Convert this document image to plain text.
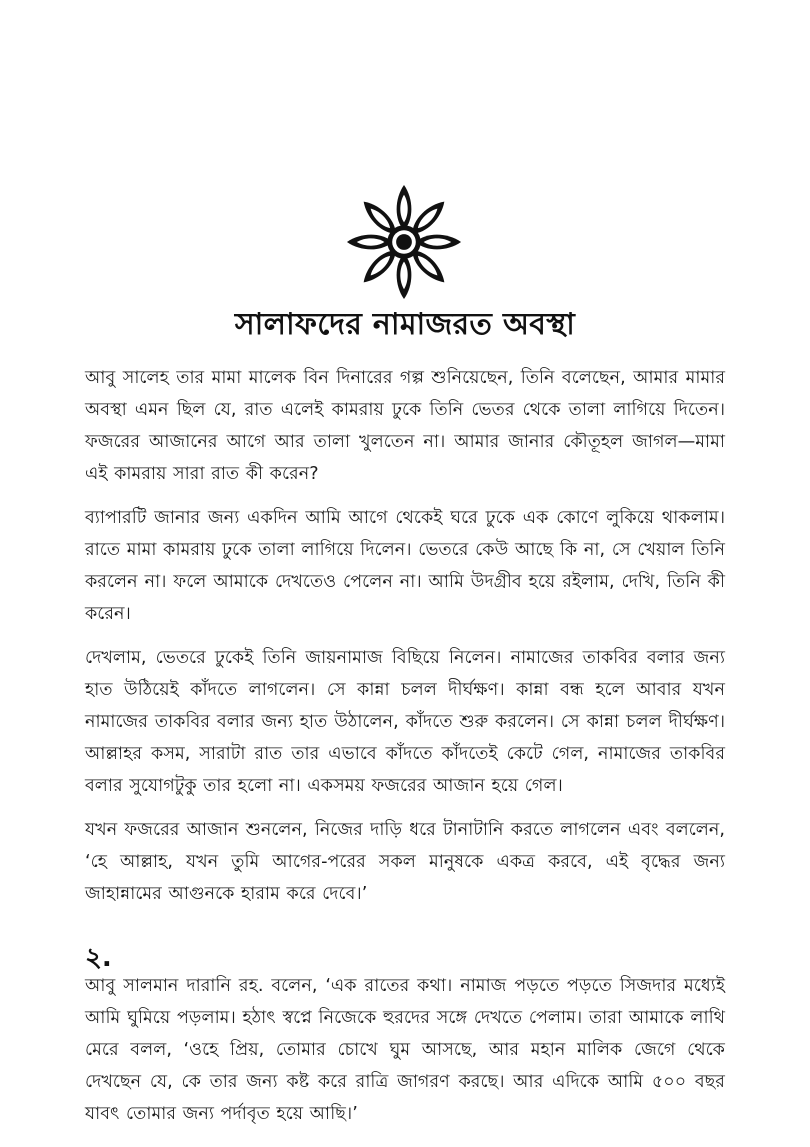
সালাফদের নামাজরত অবস্থা

আবু সালেহ তার মামা মালেক বিন দিনারের গল্প শুনিয়েছেন, তিনি বলেছেন, আমার মামার অবস্থা এমন ছিল যে, রাত এলেই কামরায় ঢুকে তিনি ভেতর থেকে তালা লাগিয়ে দিতেন। ফজরের আজানের আগে আর তালা খুলতেন না। আমার জানার কৌতূহল জাগল—মামা এই কামরায় সারা রাত কী করেন?

ব্যাপারটি জানার জন্য একদিন আমি আগে থেকেই ঘরে ঢুকে এক কোণে লুকিয়ে থাকলাম। রাতে মামা কামরায় ঢুকে তালা লাগিয়ে দিলেন। ভেতরে কেউ আছে কি না, সে খেয়াল তিনি করলেন না। ফলে আমাকে দেখতেও পেলেন না। আমি উদগ্রীব হয়ে রইলাম, দেখি, তিনি কী করেন।

দেখলাম, ভেতরে ঢুকেই তিনি জায়নামাজ বিছিয়ে নিলেন। নামাজের তাকবির বলার জন্য হাত উঠিয়েই কাঁদতে লাগলেন। সে কান্না চলল দীর্ঘক্ষণ। কান্না বন্ধ হলে আবার যখন নামাজের তাকবির বলার জন্য হাত উঠালেন, কাঁদতে শুরু করলেন। সে কান্না চলল দীর্ঘক্ষণ। আল্লাহর কসম, সারাটা রাত তার এভাবে কাঁদতে কাঁদতেই কেটে গেল, নামাজের তাকবির বলার সুযোগটুকু তার হলো না। একসময় ফজরের আজান হয়ে গেল।

যখন ফজরের আজান শুনলেন, নিজের দাড়ি ধরে টানাটানি করতে লাগলেন এবং বললেন, ‘হে আল্লাহ, যখন তুমি আগের-পরের সকল মানুষকে একত্র করবে, এই বৃদ্ধের জন্য জাহান্নামের আগুনকে হারাম করে দেবে।’

২.

আবু সালমান দারানি রহ. বলেন, ‘এক রাতের কথা। নামাজ পড়তে পড়তে সিজদার মধ্যেই আমি ঘুমিয়ে পড়লাম। হঠাৎ স্বপ্নে নিজেকে হুরদের সঙ্গে দেখতে পেলাম। তারা আমাকে লাথি মেরে বলল, ‘ওহে প্রিয়, তোমার চোখে ঘুম আসছে, আর মহান মালিক জেগে থেকে দেখছেন যে, কে তার জন্য কষ্ট করে রাত্রি জাগরণ করছে। আর এদিকে আমি ৫০০ বছর যাবৎ তোমার জন্য পর্দাবৃত হয়ে আছি।’
